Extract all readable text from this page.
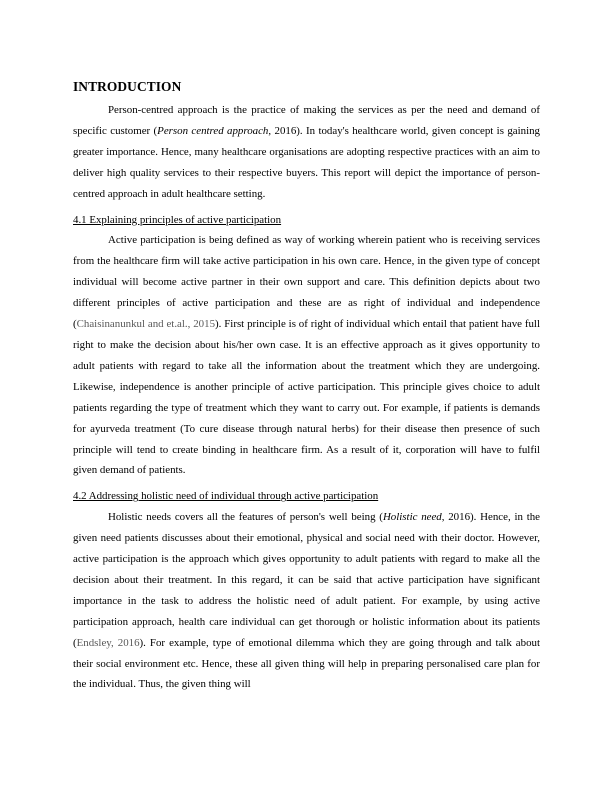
INTRODUCTION

Person-centred approach is the practice of making the services as per the need and demand of specific customer (Person centred approach, 2016). In today's healthcare world, given concept is gaining greater importance. Hence, many healthcare organisations are adopting respective practices with an aim to deliver high quality services to their respective buyers. This report will depict the importance of person-centred approach in adult healthcare setting.

4.1 Explaining principles of active participation

Active participation is being defined as way of working wherein patient who is receiving services from the healthcare firm will take active participation in his own care. Hence, in the given type of concept individual will become active partner in their own support and care. This definition depicts about two different principles of active participation and these are as right of individual and independence (Chaisinanunkul and et.al., 2015). First principle is of right of individual which entail that patient have full right to make the decision about his/her own case. It is an effective approach as it gives opportunity to adult patients with regard to take all the information about the treatment which they are undergoing. Likewise, independence is another principle of active participation. This principle gives choice to adult patients regarding the type of treatment which they want to carry out. For example, if patients is demands for ayurveda treatment (To cure disease through natural herbs) for their disease then presence of such principle will tend to create binding in healthcare firm. As a result of it, corporation will have to fulfil given demand of patients.

4.2 Addressing holistic need of individual through active participation

Holistic needs covers all the features of person's well being (Holistic need, 2016). Hence, in the given need patients discusses about their emotional, physical and social need with their doctor. However, active participation is the approach which gives opportunity to adult patients with regard to make all the decision about their treatment. In this regard, it can be said that active participation have significant importance in the task to address the holistic need of adult patient. For example, by using active participation approach, health care individual can get thorough or holistic information about its patients (Endsley, 2016). For example, type of emotional dilemma which they are going through and talk about their social environment etc. Hence, these all given thing will help in preparing personalised care plan for the individual. Thus, the given thing will
